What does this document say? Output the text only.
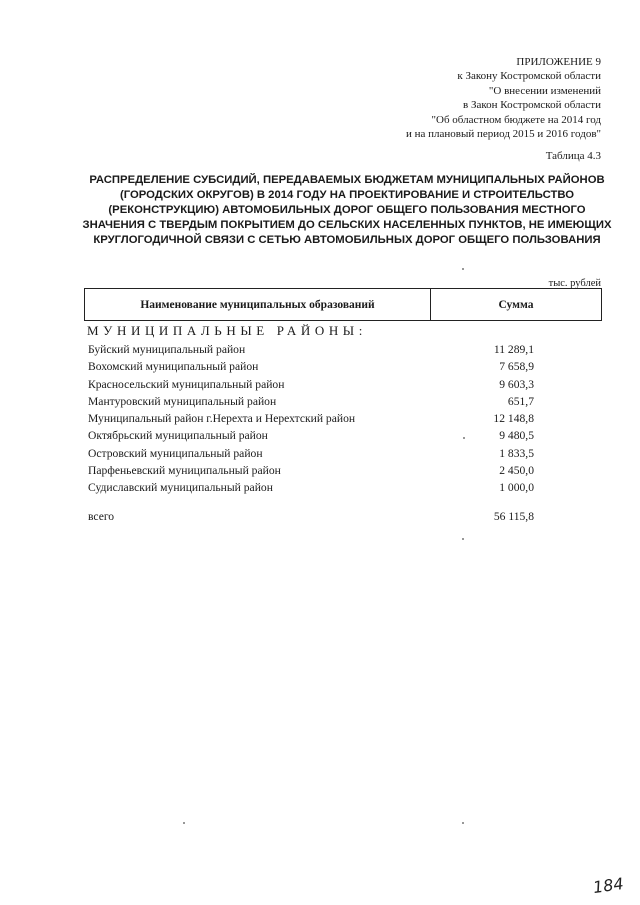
ПРИЛОЖЕНИЕ 9
к Закону Костромской области
"О внесении изменений
в Закон Костромской области
"Об областном бюджете на 2014 год
и на плановый период 2015 и 2016 годов"
Таблица 4.3
РАСПРЕДЕЛЕНИЕ СУБСИДИЙ, ПЕРЕДАВАЕМЫХ БЮДЖЕТАМ МУНИЦИПАЛЬНЫХ РАЙОНОВ
(ГОРОДСКИХ ОКРУГОВ) В 2014 ГОДУ НА ПРОЕКТИРОВАНИЕ И СТРОИТЕЛЬСТВО
(РЕКОНСТРУКЦИЮ) АВТОМОБИЛЬНЫХ ДОРОГ ОБЩЕГО ПОЛЬЗОВАНИЯ МЕСТНОГО
ЗНАЧЕНИЯ С ТВЕРДЫМ ПОКРЫТИЕМ ДО СЕЛЬСКИХ НАСЕЛЕННЫХ ПУНКТОВ, НЕ ИМЕЮЩИХ
КРУГЛОГОДИЧНОЙ СВЯЗИ С СЕТЬЮ АВТОМОБИЛЬНЫХ ДОРОГ ОБЩЕГО ПОЛЬЗОВАНИЯ
тыс. рублей
Наименование муниципальных образований	Сумма
МУНИЦИПАЛЬНЫЕ РАЙОНЫ:
Буйский муниципальный район	11 289,1
Вохомский муниципальный район	7 658,9
Красносельский муниципальный район	9 603,3
Мантуровский муниципальный район	651,7
Муниципальный район г.Нерехта и Нерехтский район	12 148,8
Октябрьский муниципальный район	9 480,5
Островский муниципальный район	1 833,5
Парфеньевский муниципальный район	2 450,0
Судиславский муниципальный район	1 000,0
всего	56 115,8
184
